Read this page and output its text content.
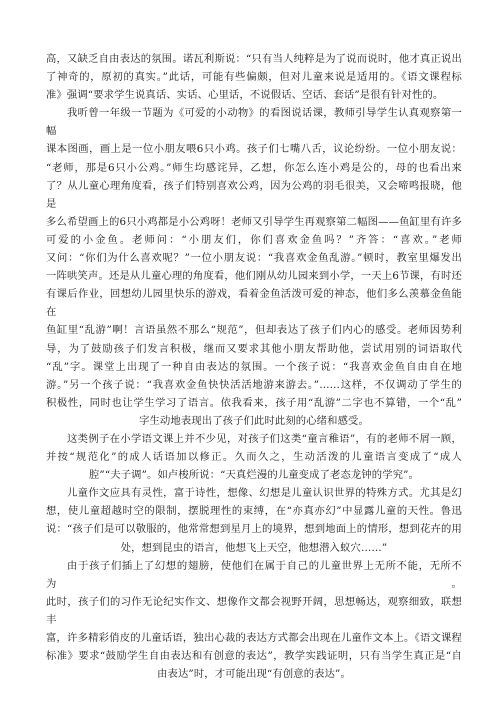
高，又缺乏自由表达的氛围。诺瓦利斯说：“只有当人纯粹是为了说而说时，他才真正说出

了神奇的，原初的真实。”此话，可能有些偏颇，但对儿童来说是适用的。《语文课程标

准》强调“要求学生说真话、实话、心里话，不说假话、空话、套话”是很有针对性的。

我听曾一年级一节题为《可爱的小动物》的看图说话课，教师引导学生认真观察第一幅

课本图画，画上是一位小朋友喂6只小鸡。孩子们七嘴八舌，议论纷纷。一位小朋友说：

“老师，那是6只小公鸡。”师生均感诧异，乙想，你怎么连小鸡是公的，母的也看出来

了？从儿童心理角度看，孩子们特别喜欢公鸡，因为公鸡的羽毛很美，又会啼鸣报晓，他是

多么希望画上的6只小鸡都是小公鸡呀！老师又引导学生再观察第二幅图——鱼缸里有许多

可爱的小金鱼。老师问：“小朋友们，你们喜欢金鱼吗？”齐答：“喜欢。”老师

又问：“你们为什么喜欢呢？”一位小朋友说：“我喜欢金鱼乱游。”顿时，教室里爆发出

一阵哄笑声。还是从儿童心理的角度看，他们刚从幼儿园来到小学，一天上6节课，有时还

有课后作业，回想幼儿园里快乐的游戏，看着金鱼活泼可爱的神态，他们多么羡慕金鱼能在

鱼缸里“乱游”啊！言语虽然不那么“规范”，但却表达了孩子们内心的感受。老师因势利

导，为了鼓励孩子们发言积极，继而又要求其他小朋友帮助他，尝试用别的词语取代

“乱”字。课堂上出现了一种自由表达的氛围。一个孩子说：“我喜欢金鱼自由自在地

游。”另一个孩子说：“我喜欢金鱼快快活活地游来游去。”……这样，不仅调动了学生的

积极性，同时也让学生学习了语言。依我看来，孩子用“乱游”二字也不算错，一个“乱”

字生动地表现出了孩子们此时此刻的心绪和感受。

这类例子在小学语文课上并不少见，对孩子们这类“童言稚语”，有的老师不屑一顾，

并按“规范化”的成人话语加以修正。久而久之，生动活泼的儿童语言变成了“成人

腔”“夫子调”。如卢梭所说：“天真烂漫的儿童变成了老态龙钟的学究”。

儿童作文应具有灵性，富于诗性，想像、幻想是儿童认识世界的特殊方式。尤其是幻

想，使儿童超越时空的限制，摆脱理性的束缚，在“亦真亦幻”中显露儿童的天性。鲁迅

说：“孩子们是可以敬服的，他常常想到星月上的境界，想到地面上的情形，想到花卉的用

处，想到昆虫的语言，他想飞上天空，他想潜入蚁穴……”

由于孩子们插上了幻想的翅膀，使他们在属于自己的儿童世界上无所不能，无所不为。

此时，孩子们的习作无论纪实作文、想像作文都会视野开阔，思想畅达，观察细致，联想丰

富，许多精彩俏皮的儿童话语，独出心裁的表达方式都会出现在儿童作文本上。《语文课程

标准》要求“鼓励学生自由表达和有创意的表达”，教学实践证明，只有当学生真正是“自

由表达”时，才可能出现“有创意的表达”。
